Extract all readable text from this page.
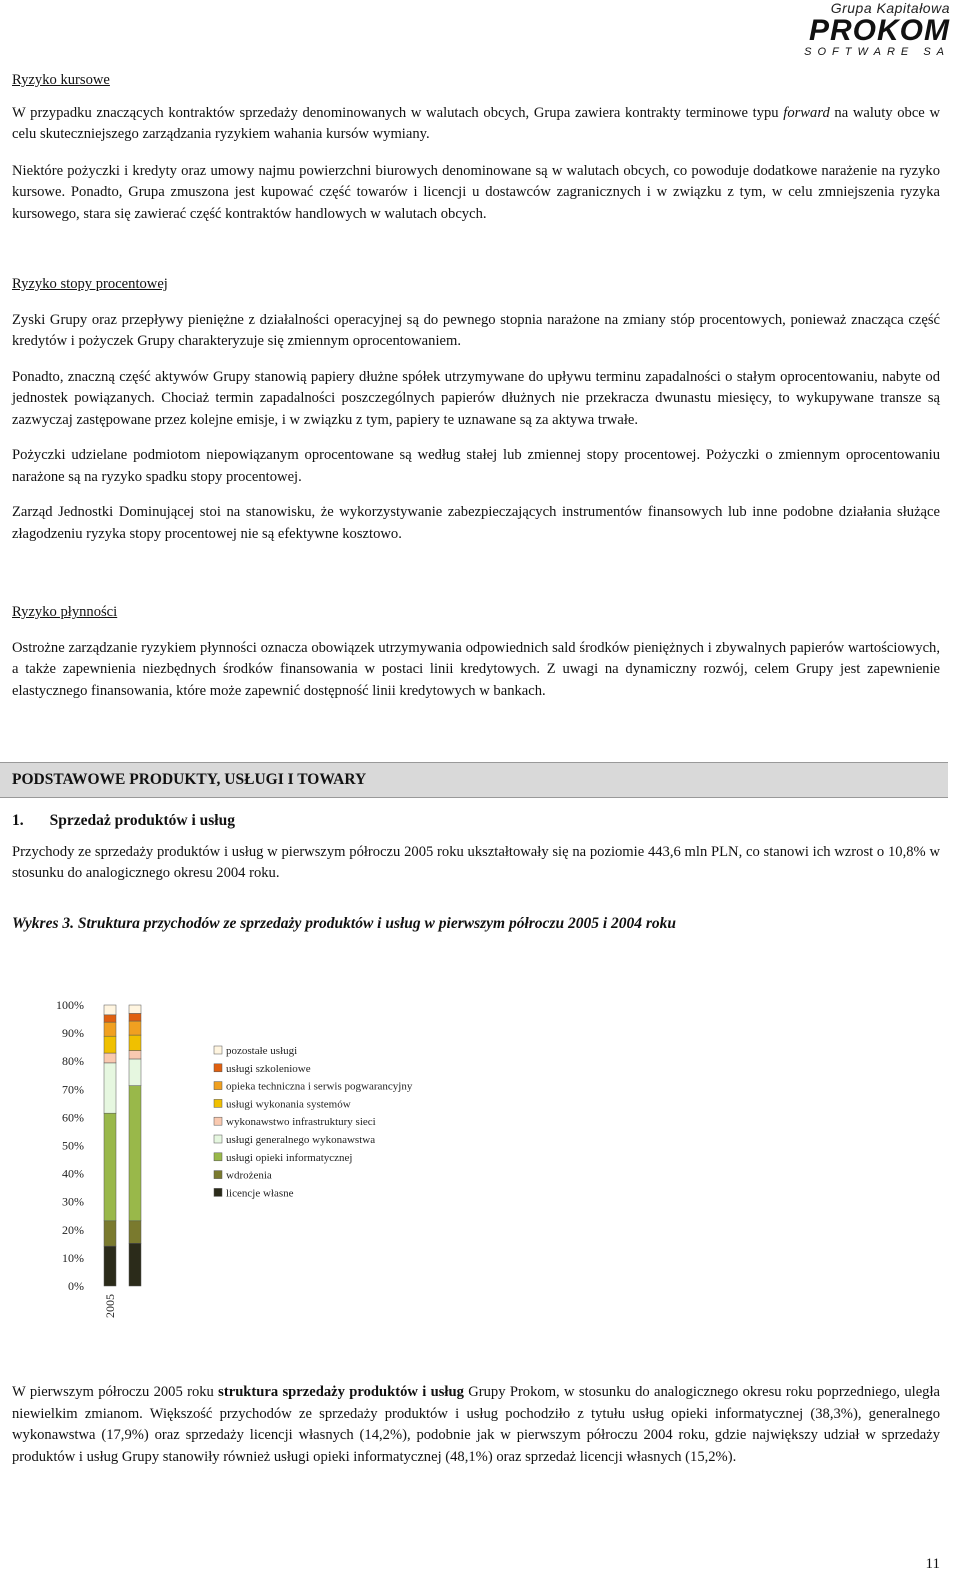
Grupa Kapitałowa
PROKOM
SOFTWARE SA

Ryzyko kursowe

W przypadku znaczących kontraktów sprzedaży denominowanych w walutach obcych, Grupa zawiera kontrakty terminowe typu forward na waluty obce w celu skuteczniejszego zarządzania ryzykiem wahania kursów wymiany.

Niektóre pożyczki i kredyty oraz umowy najmu powierzchni biurowych denominowane są w walutach obcych, co powoduje dodatkowe narażenie na ryzyko kursowe. Ponadto, Grupa zmuszona jest kupować część towarów i licencji u dostawców zagranicznych i w związku z tym, w celu zmniejszenia ryzyka kursowego, stara się zawierać część kontraktów handlowych w walutach obcych.

Ryzyko stopy procentowej

Zyski Grupy oraz przepływy pieniężne z działalności operacyjnej są do pewnego stopnia narażone na zmiany stóp procentowych, ponieważ znacząca część kredytów i pożyczek Grupy charakteryzuje się zmiennym oprocentowaniem.

Ponadto, znaczną część aktywów Grupy stanowią papiery dłużne spółek utrzymywane do upływu terminu zapadalności o stałym oprocentowaniu, nabyte od jednostek powiązanych. Chociaż termin zapadalności poszczególnych papierów dłużnych nie przekracza dwunastu miesięcy, to wykupywane transze są zazwyczaj zastępowane przez kolejne emisje, i w związku z tym, papiery te uznawane są za aktywa trwałe.

Pożyczki udzielane podmiotom niepowiązanym oprocentowane są według stałej lub zmiennej stopy procentowej. Pożyczki o zmiennym oprocentowaniu narażone są na ryzyko spadku stopy procentowej.

Zarząd Jednostki Dominującej stoi na stanowisku, że wykorzystywanie zabezpieczających instrumentów finansowych lub inne podobne działania służące złagodzeniu ryzyka stopy procentowej nie są efektywne kosztowo.

Ryzyko płynności

Ostrożne zarządzanie ryzykiem płynności oznacza obowiązek utrzymywania odpowiednich sald środków pieniężnych i zbywalnych papierów wartościowych, a także zapewnienia niezbędnych środków finansowania w postaci linii kredytowych. Z uwagi na dynamiczny rozwój, celem Grupy jest zapewnienie elastycznego finansowania, które może zapewnić dostępność linii kredytowych w bankach.

PODSTAWOWE PRODUKTY, USŁUGI I TOWARY

1. Sprzedaż produktów i usług

Przychody ze sprzedaży produktów i usług w pierwszym półroczu 2005 roku ukształtowały się na poziomie 443,6 mln PLN, co stanowi ich wzrost o 10,8% w stosunku do analogicznego okresu 2004 roku.

Wykres 3. Struktura przychodów ze sprzedaży produktów i usług w pierwszym półroczu 2005 i 2004 roku

0%
10%
20%
30%
40%
50%
60%
70%
80%
90%
100%
2005
pozostałe usługi
usługi szkoleniowe
opieka techniczna i serwis pogwarancyjny
usługi wykonania systemów
wykonawstwo infrastruktury sieci
usługi generalnego wykonawstwa
usługi opieki informatycznej
wdrożenia
licencje własne

W pierwszym półroczu 2005 roku struktura sprzedaży produktów i usług Grupy Prokom, w stosunku do analogicznego okresu roku poprzedniego, uległa niewielkim zmianom. Większość przychodów ze sprzedaży produktów i usług pochodziło z tytułu usług opieki informatycznej (38,3%), generalnego wykonawstwa (17,9%) oraz sprzedaży licencji własnych (14,2%), podobnie jak w pierwszym półroczu 2004 roku, gdzie największy udział w sprzedaży produktów i usług Grupy stanowiły również usługi opieki informatycznej (48,1%) oraz sprzedaż licencji własnych (15,2%).

11
